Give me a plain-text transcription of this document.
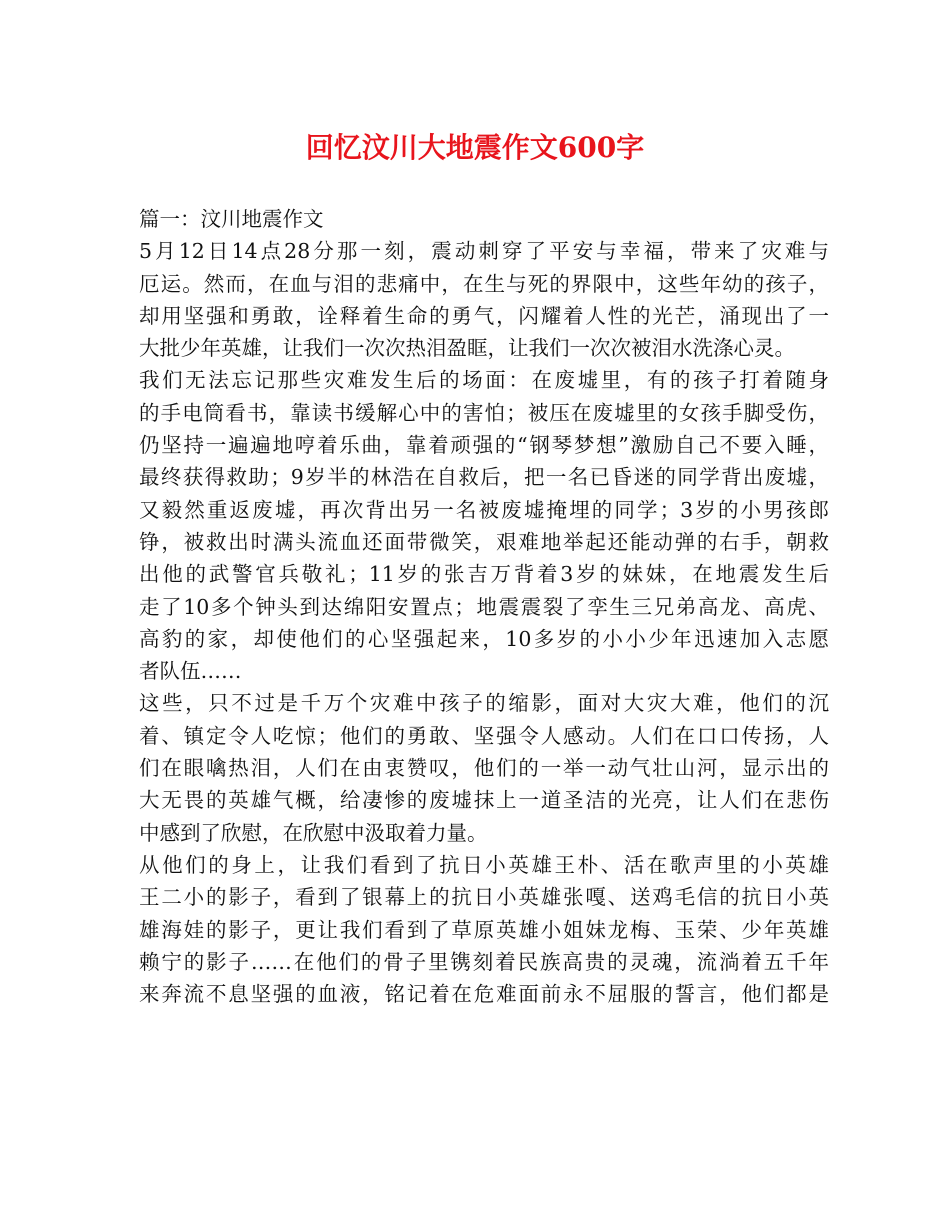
回忆汶川大地震作文600字
篇一：汶川地震作文
5月12日14点28分那一刻，震动刺穿了平安与幸福，带来了灾难与
厄运。然而，在血与泪的悲痛中，在生与死的界限中，这些年幼的孩子，
却用坚强和勇敢，诠释着生命的勇气，闪耀着人性的光芒，涌现出了一
大批少年英雄，让我们一次次热泪盈眶，让我们一次次被泪水洗涤心灵。
我们无法忘记那些灾难发生后的场面：在废墟里，有的孩子打着随身
的手电筒看书，靠读书缓解心中的害怕；被压在废墟里的女孩手脚受伤，
仍坚持一遍遍地哼着乐曲，靠着顽强的“钢琴梦想”激励自己不要入睡，
最终获得救助；9岁半的林浩在自救后，把一名已昏迷的同学背出废墟，
又毅然重返废墟，再次背出另一名被废墟掩埋的同学；3岁的小男孩郎
铮，被救出时满头流血还面带微笑，艰难地举起还能动弹的右手，朝救
出他的武警官兵敬礼；11岁的张吉万背着3岁的妹妹，在地震发生后
走了10多个钟头到达绵阳安置点；地震震裂了孪生三兄弟高龙、高虎、
高豹的家，却使他们的心坚强起来，10多岁的小小少年迅速加入志愿
者队伍……
这些，只不过是千万个灾难中孩子的缩影，面对大灾大难，他们的沉
着、镇定令人吃惊；他们的勇敢、坚强令人感动。人们在口口传扬，人
们在眼噙热泪，人们在由衷赞叹，他们的一举一动气壮山河，显示出的
大无畏的英雄气概，给凄惨的废墟抹上一道圣洁的光亮，让人们在悲伤
中感到了欣慰，在欣慰中汲取着力量。
从他们的身上，让我们看到了抗日小英雄王朴、活在歌声里的小英雄
王二小的影子，看到了银幕上的抗日小英雄张嘎、送鸡毛信的抗日小英
雄海娃的影子，更让我们看到了草原英雄小姐妹龙梅、玉荣、少年英雄
赖宁的影子……在他们的骨子里镌刻着民族高贵的灵魂，流淌着五千年
来奔流不息坚强的血液，铭记着在危难面前永不屈服的誓言，他们都是
